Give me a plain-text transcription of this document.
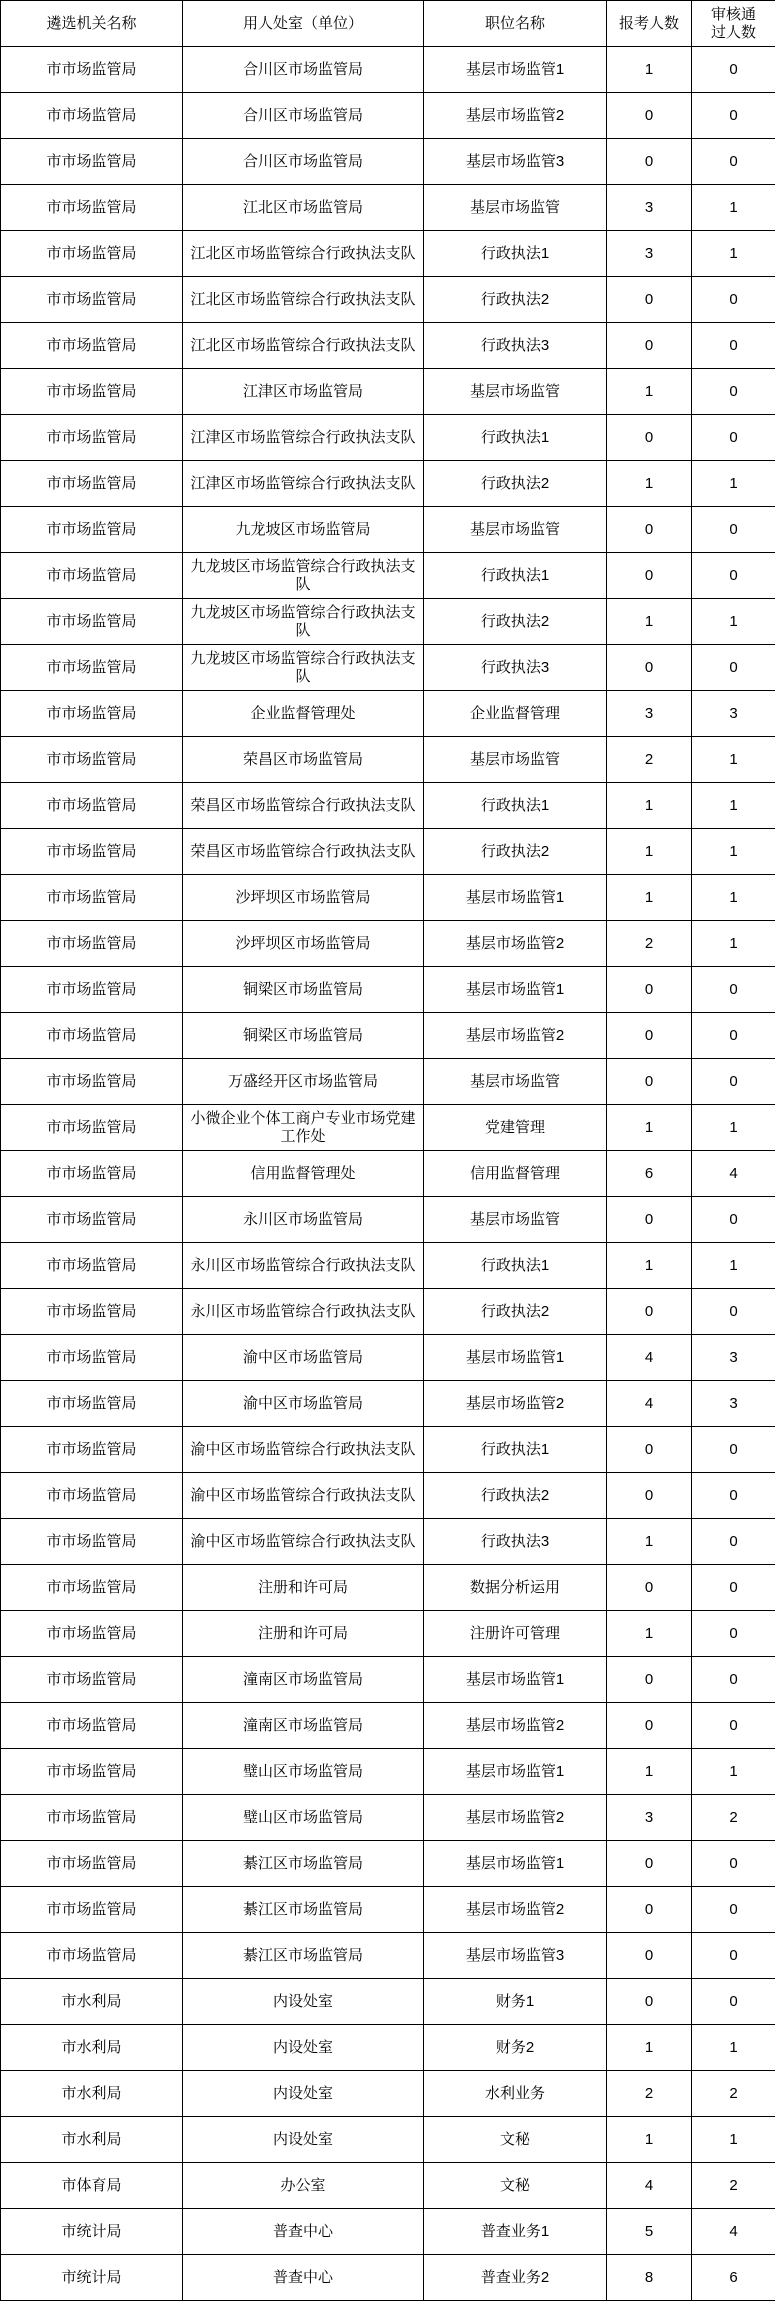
遴选机关名称	用人处室（单位）	职位名称	报考人数	审核通过人数
市市场监管局	合川区市场监管局	基层市场监管1	1	0
市市场监管局	合川区市场监管局	基层市场监管2	0	0
市市场监管局	合川区市场监管局	基层市场监管3	0	0
市市场监管局	江北区市场监管局	基层市场监管	3	1
市市场监管局	江北区市场监管综合行政执法支队	行政执法1	3	1
市市场监管局	江北区市场监管综合行政执法支队	行政执法2	0	0
市市场监管局	江北区市场监管综合行政执法支队	行政执法3	0	0
市市场监管局	江津区市场监管局	基层市场监管	1	0
市市场监管局	江津区市场监管综合行政执法支队	行政执法1	0	0
市市场监管局	江津区市场监管综合行政执法支队	行政执法2	1	1
市市场监管局	九龙坡区市场监管局	基层市场监管	0	0
市市场监管局	九龙坡区市场监管综合行政执法支队	行政执法1	0	0
市市场监管局	九龙坡区市场监管综合行政执法支队	行政执法2	1	1
市市场监管局	九龙坡区市场监管综合行政执法支队	行政执法3	0	0
市市场监管局	企业监督管理处	企业监督管理	3	3
市市场监管局	荣昌区市场监管局	基层市场监管	2	1
市市场监管局	荣昌区市场监管综合行政执法支队	行政执法1	1	1
市市场监管局	荣昌区市场监管综合行政执法支队	行政执法2	1	1
市市场监管局	沙坪坝区市场监管局	基层市场监管1	1	1
市市场监管局	沙坪坝区市场监管局	基层市场监管2	2	1
市市场监管局	铜梁区市场监管局	基层市场监管1	0	0
市市场监管局	铜梁区市场监管局	基层市场监管2	0	0
市市场监管局	万盛经开区市场监管局	基层市场监管	0	0
市市场监管局	小微企业个体工商户专业市场党建工作处	党建管理	1	1
市市场监管局	信用监督管理处	信用监督管理	6	4
市市场监管局	永川区市场监管局	基层市场监管	0	0
市市场监管局	永川区市场监管综合行政执法支队	行政执法1	1	1
市市场监管局	永川区市场监管综合行政执法支队	行政执法2	0	0
市市场监管局	渝中区市场监管局	基层市场监管1	4	3
市市场监管局	渝中区市场监管局	基层市场监管2	4	3
市市场监管局	渝中区市场监管综合行政执法支队	行政执法1	0	0
市市场监管局	渝中区市场监管综合行政执法支队	行政执法2	0	0
市市场监管局	渝中区市场监管综合行政执法支队	行政执法3	1	0
市市场监管局	注册和许可局	数据分析运用	0	0
市市场监管局	注册和许可局	注册许可管理	1	0
市市场监管局	潼南区市场监管局	基层市场监管1	0	0
市市场监管局	潼南区市场监管局	基层市场监管2	0	0
市市场监管局	璧山区市场监管局	基层市场监管1	1	1
市市场监管局	璧山区市场监管局	基层市场监管2	3	2
市市场监管局	綦江区市场监管局	基层市场监管1	0	0
市市场监管局	綦江区市场监管局	基层市场监管2	0	0
市市场监管局	綦江区市场监管局	基层市场监管3	0	0
市水利局	内设处室	财务1	0	0
市水利局	内设处室	财务2	1	1
市水利局	内设处室	水利业务	2	2
市水利局	内设处室	文秘	1	1
市体育局	办公室	文秘	4	2
市统计局	普查中心	普查业务1	5	4
市统计局	普查中心	普查业务2	8	6
